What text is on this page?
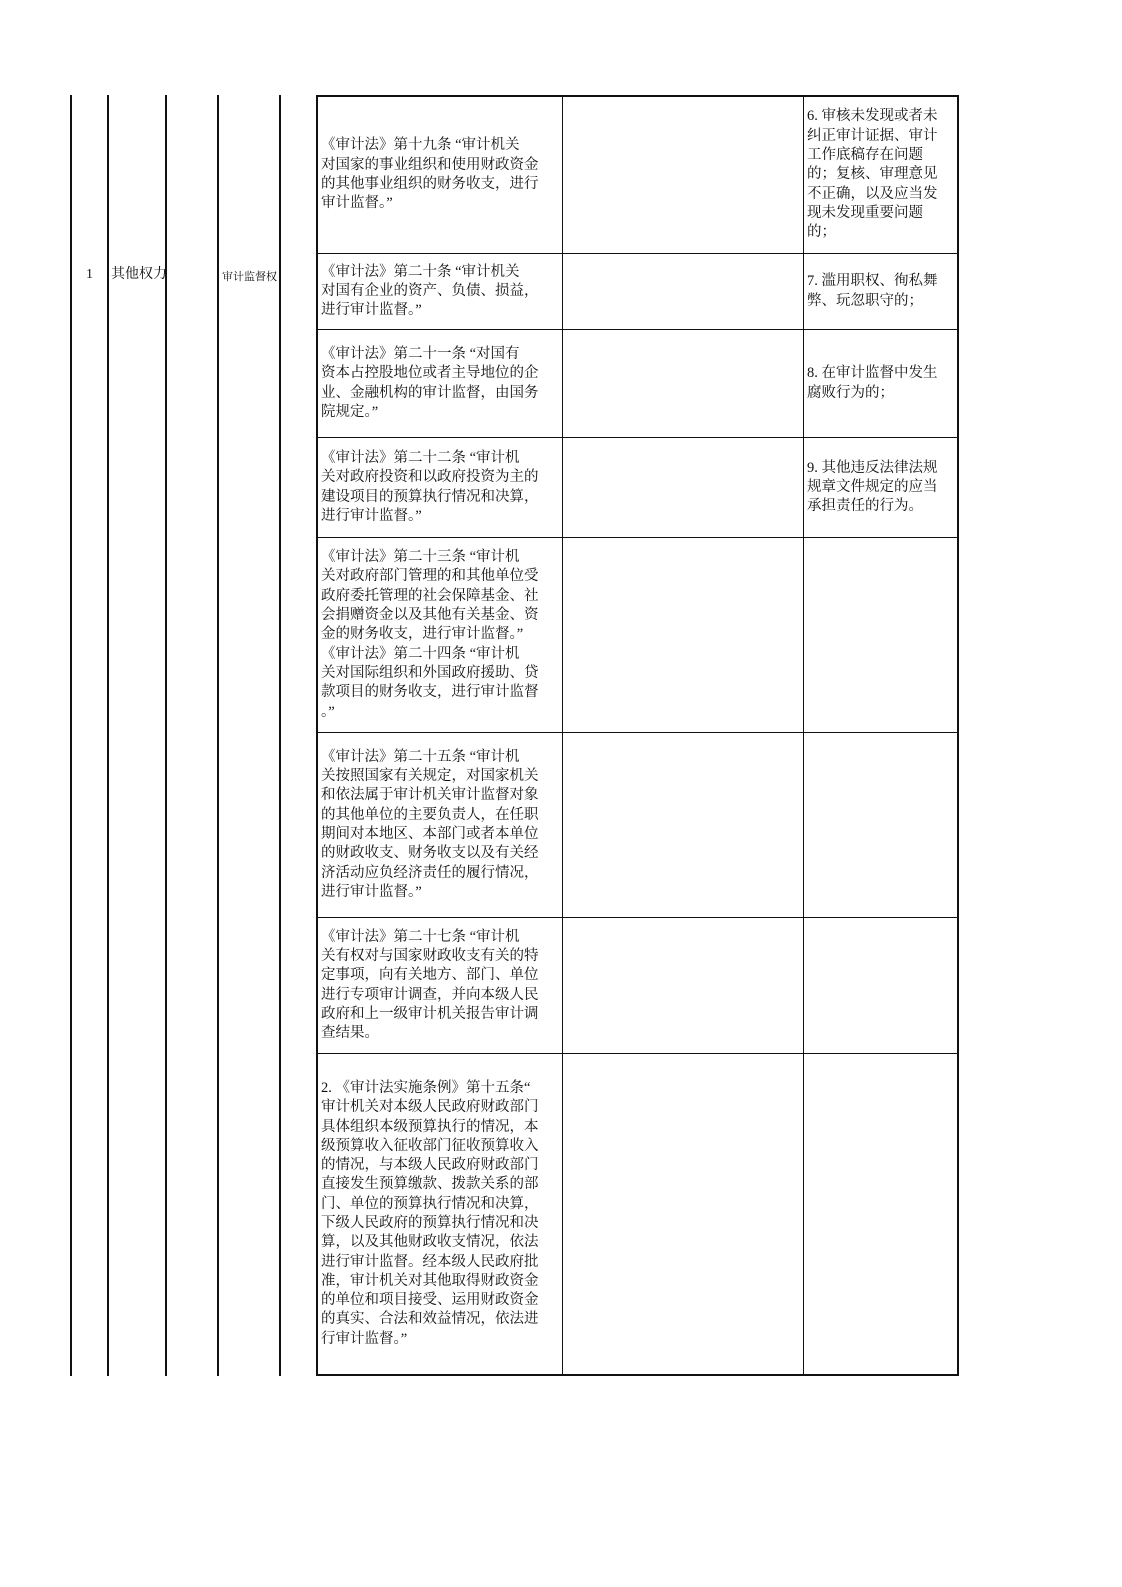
1 其他权力	审计监督权
《审计法》第十九条 “审计机关
对国家的事业组织和使用财政资金
的其他事业组织的财务收支，进行
审计监督。”
6. 审核未发现或者未
纠正审计证据、审计
工作底稿存在问题
的；复核、审理意见
不正确，以及应当发
现未发现重要问题
的；
《审计法》第二十条 “审计机关
对国有企业的资产、负债、损益，
进行审计监督。”
7. 滥用职权、徇私舞
弊、玩忽职守的；
《审计法》第二十一条 “对国有
资本占控股地位或者主导地位的企
业、金融机构的审计监督，由国务
院规定。”
8. 在审计监督中发生
腐败行为的；
《审计法》第二十二条 “审计机
关对政府投资和以政府投资为主的
建设项目的预算执行情况和决算，
进行审计监督。”
9. 其他违反法律法规
规章文件规定的应当
承担责任的行为。
《审计法》第二十三条 “审计机
关对政府部门管理的和其他单位受
政府委托管理的社会保障基金、社
会捐赠资金以及其他有关基金、资
金的财务收支，进行审计监督。”
《审计法》第二十四条 “审计机
关对国际组织和外国政府援助、贷
款项目的财务收支，进行审计监督
。”
《审计法》第二十五条 “审计机
关按照国家有关规定，对国家机关
和依法属于审计机关审计监督对象
的其他单位的主要负责人，在任职
期间对本地区、本部门或者本单位
的财政收支、财务收支以及有关经
济活动应负经济责任的履行情况，
进行审计监督。”
《审计法》第二十七条 “审计机
关有权对与国家财政收支有关的特
定事项，向有关地方、部门、单位
进行专项审计调查，并向本级人民
政府和上一级审计机关报告审计调
查结果。
2. 《审计法实施条例》第十五条“
审计机关对本级人民政府财政部门
具体组织本级预算执行的情况，本
级预算收入征收部门征收预算收入
的情况，与本级人民政府财政部门
直接发生预算缴款、拨款关系的部
门、单位的预算执行情况和决算，
下级人民政府的预算执行情况和决
算，以及其他财政收支情况，依法
进行审计监督。经本级人民政府批
准，审计机关对其他取得财政资金
的单位和项目接受、运用财政资金
的真实、合法和效益情况，依法进
行审计监督。”
